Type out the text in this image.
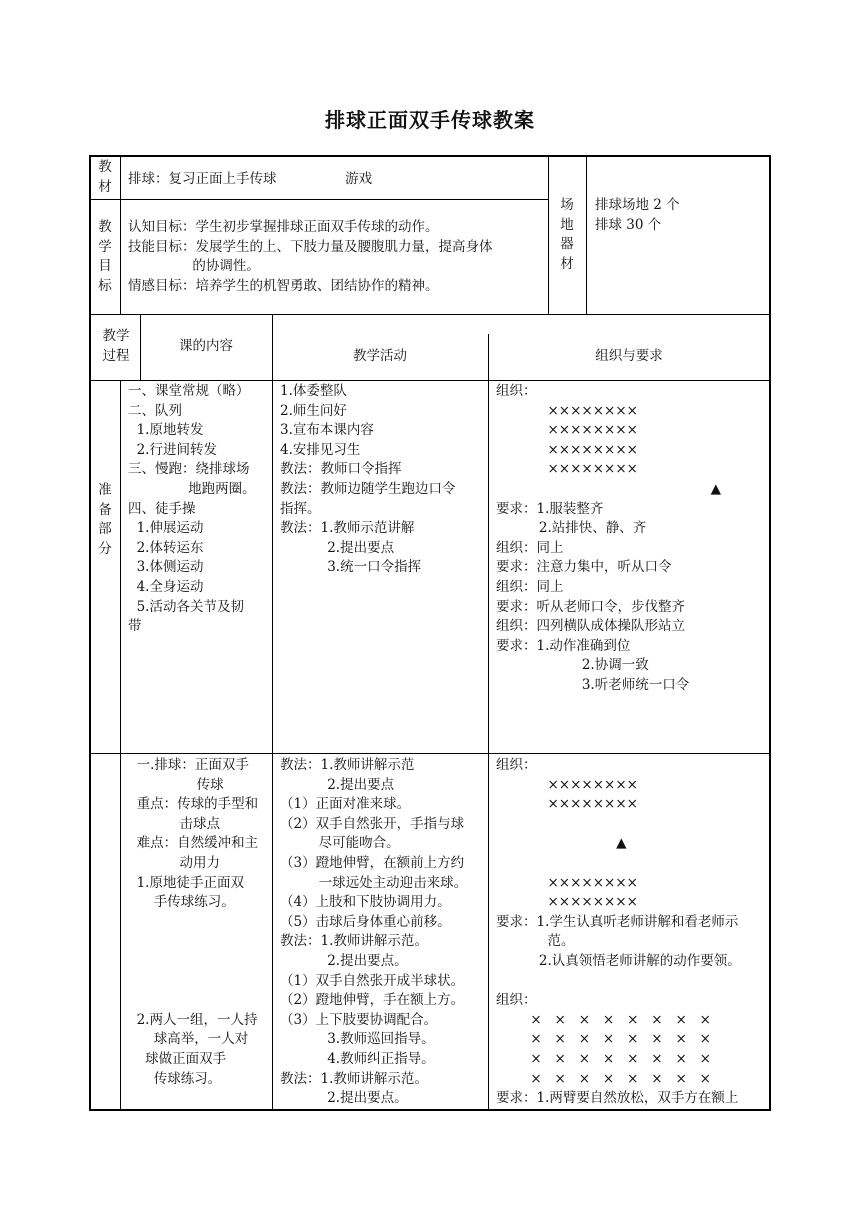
排球正面双手传球教案
教 材 排球：复习正面上手传球                游戏
场 地 器 材
排球场地 2 个
排球 30 个
教 学 目 标
认知目标：学生初步掌握排球正面双手传球的动作。
技能目标：发展学生的上、下肢力量及腰腹肌力量，提高身体
的协调性。
情感目标：培养学生的机智勇敢、团结协作的精神。
教学
过程
课的内容
教学活动	组织与要求
准 备 部 分
一、课堂常规（略）
二、队列
1.原地转发
2.行进间转发
三、慢跑：绕排球场
地跑两圈。
四、徒手操
1.伸展运动
2.体转运东
3.体侧运动
4.全身运动
5.活动各关节及韧
带
1.体委整队
2.师生问好
3.宣布本课内容
4.安排见习生
教法：教师口令指挥
教法：教师边随学生跑边口令
指挥。
教法：1.教师示范讲解
2.提出要点
3.统一口令指挥
组织：
××××××××
××××××××
××××××××
××××××××
▲
要求：1.服装整齐
2.站排快、静、齐
组织：同上
要求：注意力集中，听从口令
组织：同上
要求：听从老师口令，步伐整齐
组织：四列横队成体操队形站立
要求：1.动作准确到位
2.协调一致
3.听老师统一口令
一.排球：正面双手
传球
重点：传球的手型和
击球点
难点：自然缓冲和主
动用力
1.原地徒手正面双
手传球练习。

2.两人一组，一人持
球高举，一人对
球做正面双手
传球练习。
教法：1.教师讲解示范
2.提出要点
（1）正面对准来球。
（2）双手自然张开，手指与球
尽可能吻合。
（3）蹬地伸臂，在额前上方约
一球远处主动迎击来球。
（4）上肢和下肢协调用力。
（5）击球后身体重心前移。
教法：1.教师讲解示范。
2.提出要点。
（1）双手自然张开成半球状。
（2）蹬地伸臂，手在额上方。
（3）上下肢要协调配合。
3.教师巡回指导。
4.教师纠正指导。
教法：1.教师讲解示范。
2.提出要点。
组织：
××××××××
××××××××

▲

××××××××
××××××××
要求：1.学生认真听老师讲解和看老师示
范。
2.认真领悟老师讲解的动作要领。

组织：
×   ×   ×   ×   ×   ×   ×   ×
×   ×   ×   ×   ×   ×   ×   ×
×   ×   ×   ×   ×   ×   ×   ×
×   ×   ×   ×   ×   ×   ×   ×
要求：1.两臂要自然放松，双手方在额上
